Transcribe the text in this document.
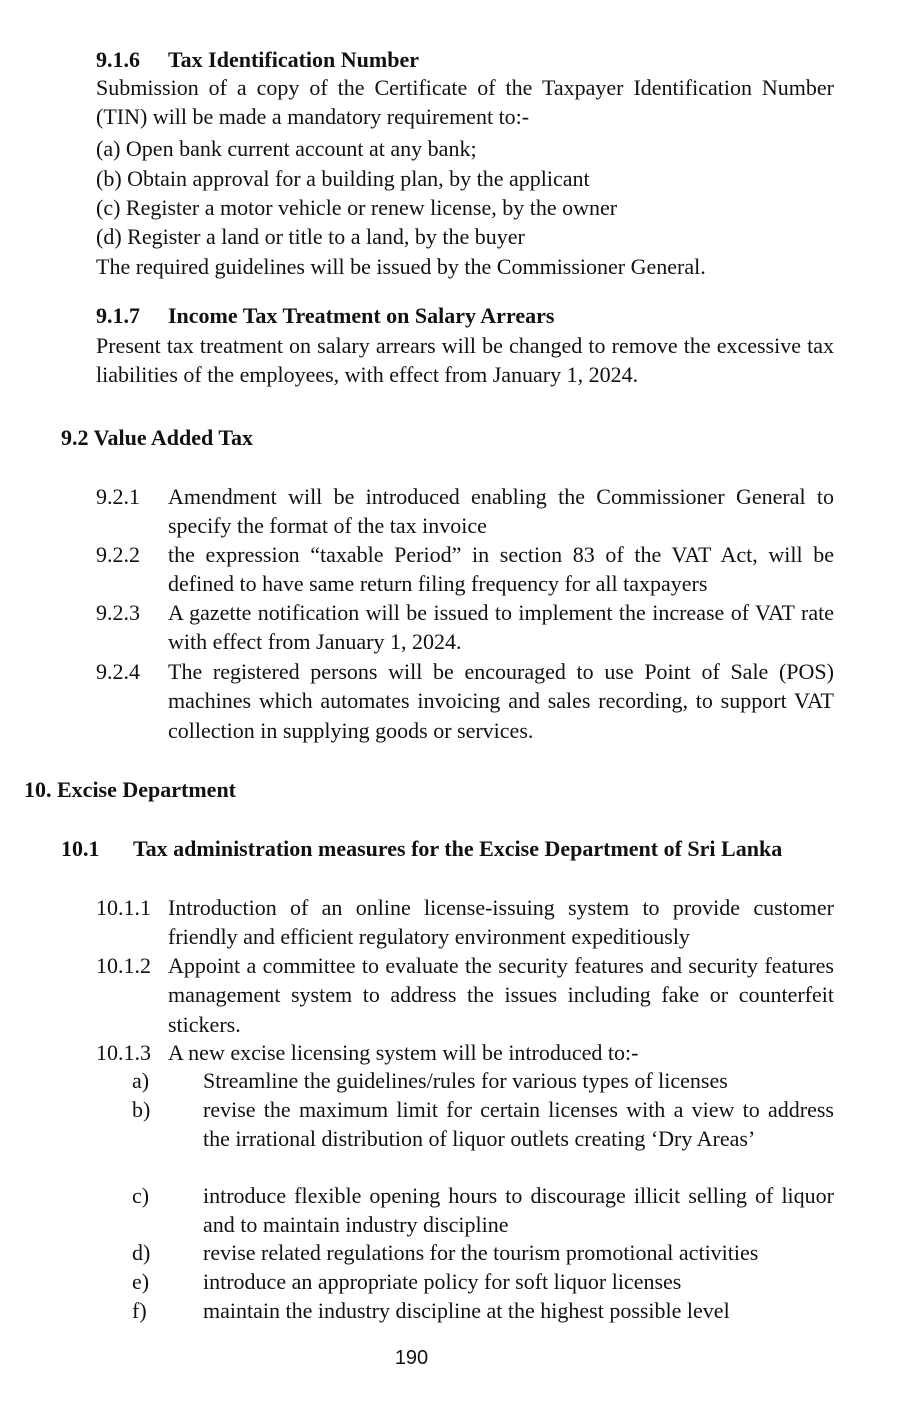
9.1.6 Tax Identification Number
Submission of a copy of the Certificate of the Taxpayer Identification Number (TIN) will be made a mandatory requirement to:-
(a) Open bank current account at any bank;
(b) Obtain approval for a building plan, by the applicant
(c) Register a motor vehicle or renew license, by the owner
(d) Register a land or title to a land, by the buyer
The required guidelines will be issued by the Commissioner General.
9.1.7 Income Tax Treatment on Salary Arrears
Present tax treatment on salary arrears will be changed to remove the excessive tax liabilities of the employees, with effect from January 1, 2024.
9.2 Value Added Tax
9.2.1 Amendment will be introduced enabling the Commissioner General to specify the format of the tax invoice
9.2.2 the expression “taxable Period” in section 83 of the VAT Act, will be defined to have same return filing frequency for all taxpayers
9.2.3 A gazette notification will be issued to implement the increase of VAT rate with effect from January 1, 2024.
9.2.4 The registered persons will be encouraged to use Point of Sale (POS) machines which automates invoicing and sales recording, to support VAT collection in supplying goods or services.
10. Excise Department
10.1 Tax administration measures for the Excise Department of Sri Lanka
10.1.1 Introduction of an online license-issuing system to provide customer friendly and efficient regulatory environment expeditiously
10.1.2 Appoint a committee to evaluate the security features and security features management system to address the issues including fake or counterfeit stickers.
10.1.3 A new excise licensing system will be introduced to:-
a) Streamline the guidelines/rules for various types of licenses
b) revise the maximum limit for certain licenses with a view to address the irrational distribution of liquor outlets creating ‘Dry Areas’
c) introduce flexible opening hours to discourage illicit selling of liquor and to maintain industry discipline
d) revise related regulations for the tourism promotional activities
e) introduce an appropriate policy for soft liquor licenses
f)	maintain the industry discipline at the highest possible level
190
